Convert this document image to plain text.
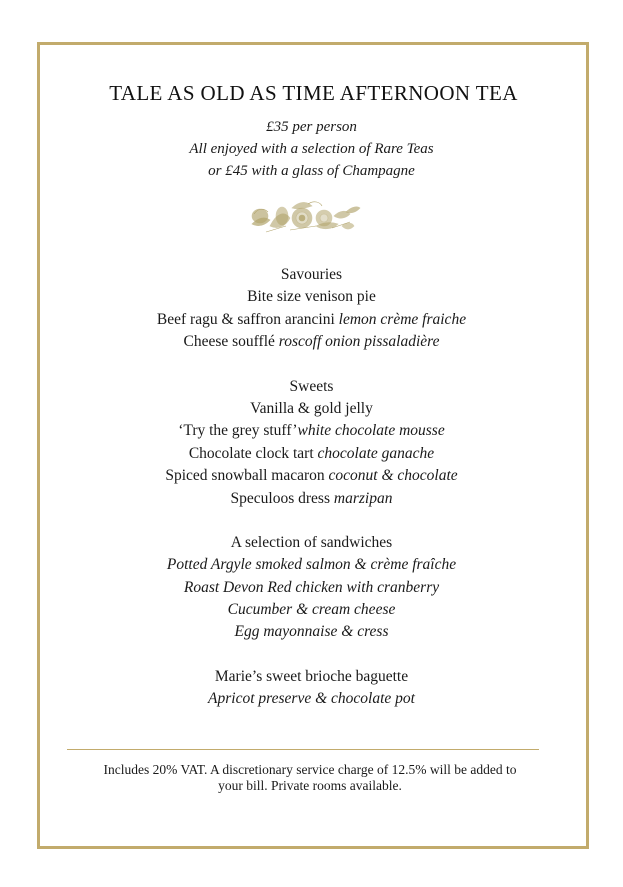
TALE AS OLD AS TIME AFTERNOON TEA
£35 per person
All enjoyed with a selection of Rare Teas
or £45 with a glass of Champagne
Savouries
Bite size venison pie
Beef ragu & saffron arancini lemon crème fraiche
Cheese soufflé roscoff onion pissaladière
Sweets
Vanilla & gold jelly
‘Try the grey stuff’white chocolate mousse
Chocolate clock tart chocolate ganache
Spiced snowball macaron coconut & chocolate
Speculoos dress marzipan
A selection of sandwiches
Potted Argyle smoked salmon & crème fraîche
Roast Devon Red chicken with cranberry
Cucumber & cream cheese
Egg mayonnaise & cress
Marie’s sweet brioche baguette
Apricot preserve & chocolate pot
Includes 20% VAT. A discretionary service charge of 12.5% will be added to
your bill. Private rooms available.
